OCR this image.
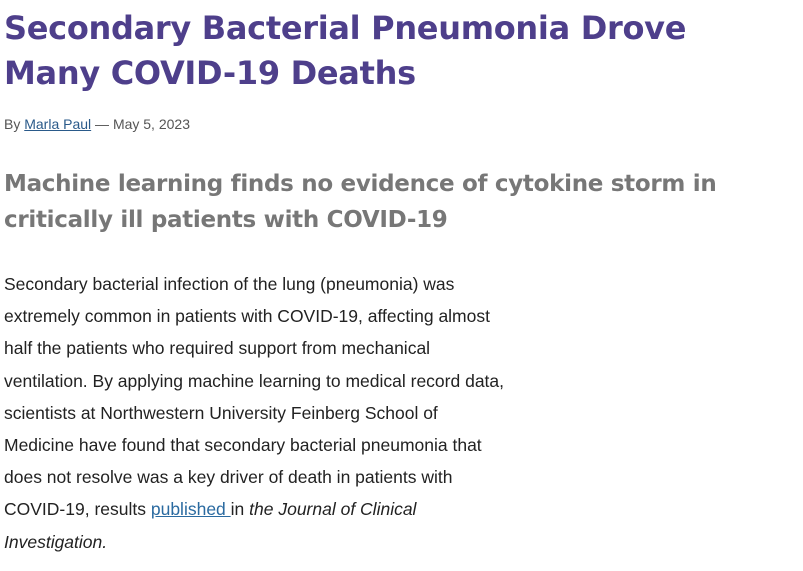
Secondary Bacterial Pneumonia Drove Many COVID-19 Deaths
By Marla Paul — May 5, 2023
Machine learning finds no evidence of cytokine storm in critically ill patients with COVID-19

Secondary bacterial infection of the lung (pneumonia) was extremely common in patients with COVID-19, affecting almost half the patients who required support from mechanical ventilation. By applying machine learning to medical record data, scientists at Northwestern University Feinberg School of Medicine have found that secondary bacterial pneumonia that does not resolve was a key driver of death in patients with COVID-19, results published in the Journal of Clinical Investigation.
